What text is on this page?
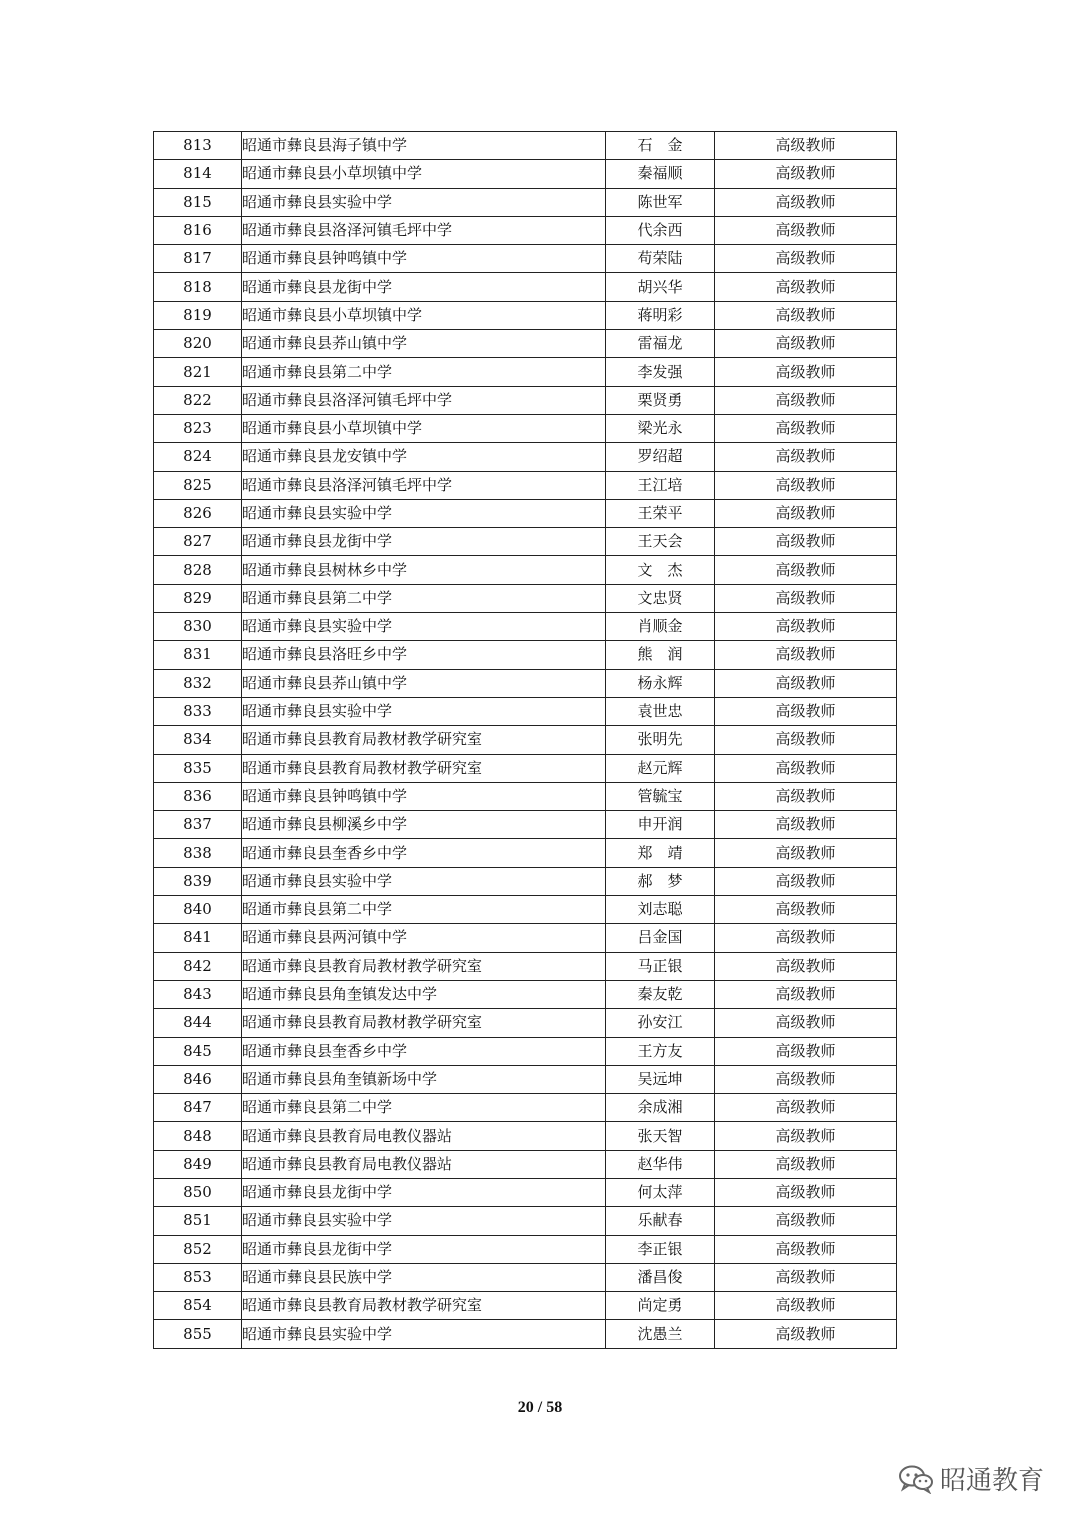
813	昭通市彝良县海子镇中学	石　金	高级教师
814	昭通市彝良县小草坝镇中学	秦福顺	高级教师
815	昭通市彝良县实验中学	陈世军	高级教师
816	昭通市彝良县洛泽河镇毛坪中学	代余西	高级教师
817	昭通市彝良县钟鸣镇中学	苟荣陆	高级教师
818	昭通市彝良县龙街中学	胡兴华	高级教师
819	昭通市彝良县小草坝镇中学	蒋明彩	高级教师
820	昭通市彝良县荞山镇中学	雷福龙	高级教师
821	昭通市彝良县第二中学	李发强	高级教师
822	昭通市彝良县洛泽河镇毛坪中学	栗贤勇	高级教师
823	昭通市彝良县小草坝镇中学	梁光永	高级教师
824	昭通市彝良县龙安镇中学	罗绍超	高级教师
825	昭通市彝良县洛泽河镇毛坪中学	王江培	高级教师
826	昭通市彝良县实验中学	王荣平	高级教师
827	昭通市彝良县龙街中学	王天会	高级教师
828	昭通市彝良县树林乡中学	文　杰	高级教师
829	昭通市彝良县第二中学	文忠贤	高级教师
830	昭通市彝良县实验中学	肖顺金	高级教师
831	昭通市彝良县洛旺乡中学	熊　润	高级教师
832	昭通市彝良县荞山镇中学	杨永辉	高级教师
833	昭通市彝良县实验中学	袁世忠	高级教师
834	昭通市彝良县教育局教材教学研究室	张明先	高级教师
835	昭通市彝良县教育局教材教学研究室	赵元辉	高级教师
836	昭通市彝良县钟鸣镇中学	管毓宝	高级教师
837	昭通市彝良县柳溪乡中学	申开润	高级教师
838	昭通市彝良县奎香乡中学	郑　靖	高级教师
839	昭通市彝良县实验中学	郝　梦	高级教师
840	昭通市彝良县第二中学	刘志聪	高级教师
841	昭通市彝良县两河镇中学	吕金国	高级教师
842	昭通市彝良县教育局教材教学研究室	马正银	高级教师
843	昭通市彝良县角奎镇发达中学	秦友乾	高级教师
844	昭通市彝良县教育局教材教学研究室	孙安江	高级教师
845	昭通市彝良县奎香乡中学	王方友	高级教师
846	昭通市彝良县角奎镇新场中学	吴远坤	高级教师
847	昭通市彝良县第二中学	余成湘	高级教师
848	昭通市彝良县教育局电教仪器站	张天智	高级教师
849	昭通市彝良县教育局电教仪器站	赵华伟	高级教师
850	昭通市彝良县龙街中学	何太萍	高级教师
851	昭通市彝良县实验中学	乐献春	高级教师
852	昭通市彝良县龙街中学	李正银	高级教师
853	昭通市彝良县民族中学	潘昌俊	高级教师
854	昭通市彝良县教育局教材教学研究室	尚定勇	高级教师
855	昭通市彝良县实验中学	沈愚兰	高级教师
20 / 58
昭通教育
